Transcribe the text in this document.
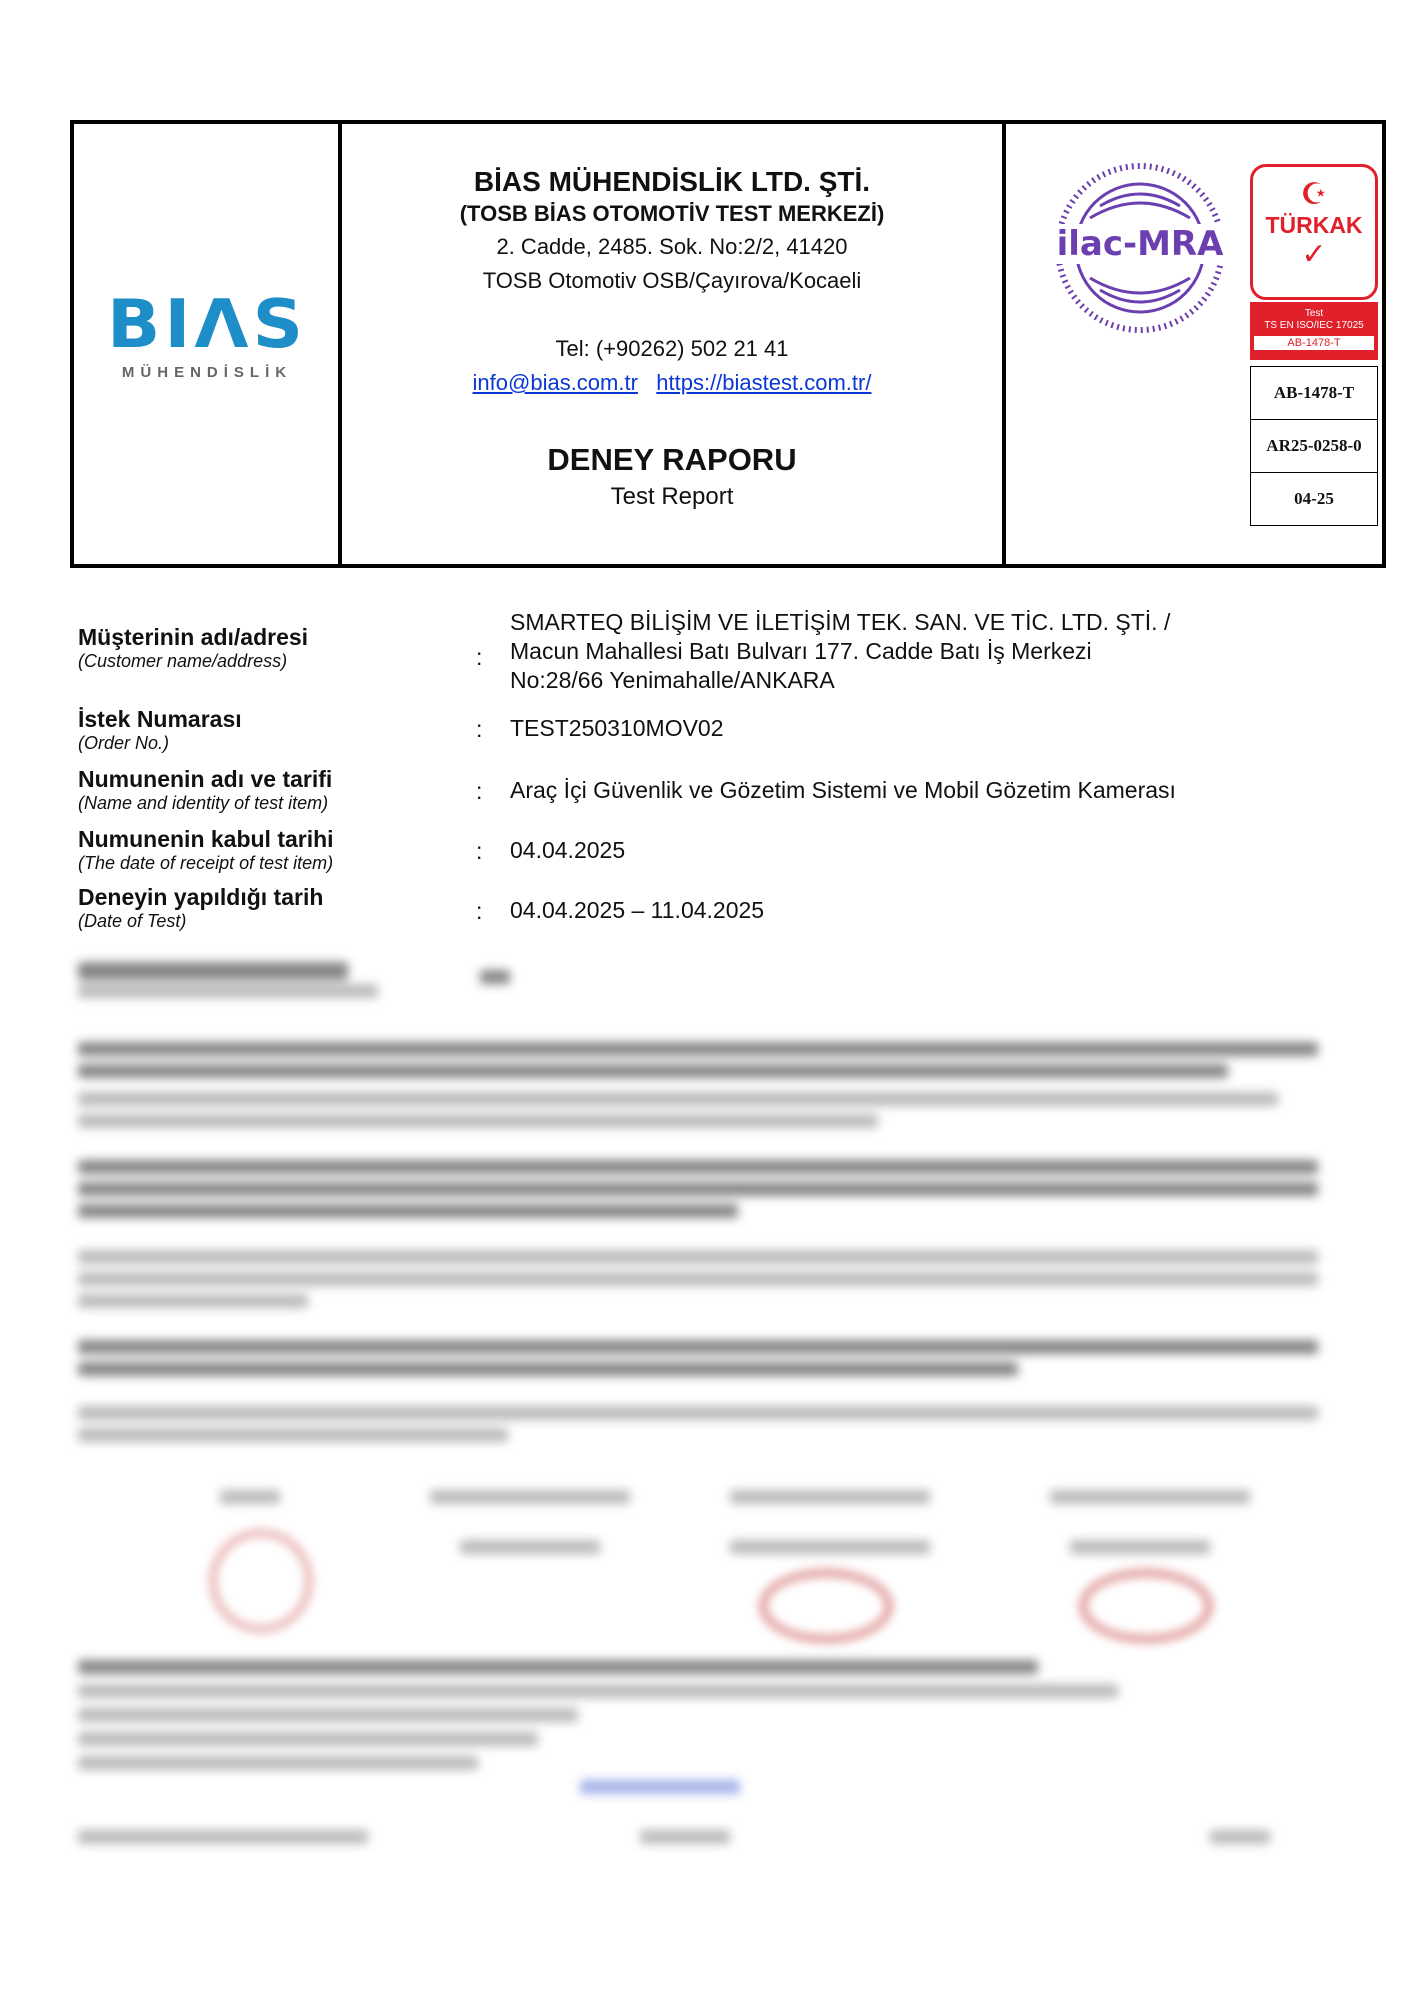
ΒΙΛS
MÜHENDİSLİK
BİAS MÜHENDİSLİK LTD. ŞTİ.
(TOSB BİAS OTOMOTİV TEST MERKEZİ)
2. Cadde, 2485. Sok. No:2/2, 41420
TOSB Otomotiv OSB/Çayırova/Kocaeli
Tel: (+90262) 502 21 41
info@bias.com.tr https://biastest.com.tr/
DENEY RAPORU
Test Report
ilac-MRA
☪
TÜRKAK
✓
Test
TS EN ISO/IEC 17025
AB-1478-T
AB-1478-T
AR25-0258-0
04-25
Müşterinin adı/adresi
(Customer name/address)	:
SMARTEQ BİLİŞİM VE İLETİŞİM TEK. SAN. VE TİC. LTD. ŞTİ. /
Macun Mahallesi Batı Bulvarı 177. Cadde Batı İş Merkezi
No:28/66 Yenimahalle/ANKARA
İstek Numarası
(Order No.)
: TEST250310MOV02
Numunenin adı ve tarifi
(Name and identity of test item)	: Araç İçi Güvenlik ve Gözetim Sistemi ve Mobil Gözetim Kamerası
Numunenin kabul tarihi
(The date of receipt of test item)	: 04.04.2025
Deneyin yapıldığı tarih
(Date of Test)	: 04.04.2025 – 11.04.2025
